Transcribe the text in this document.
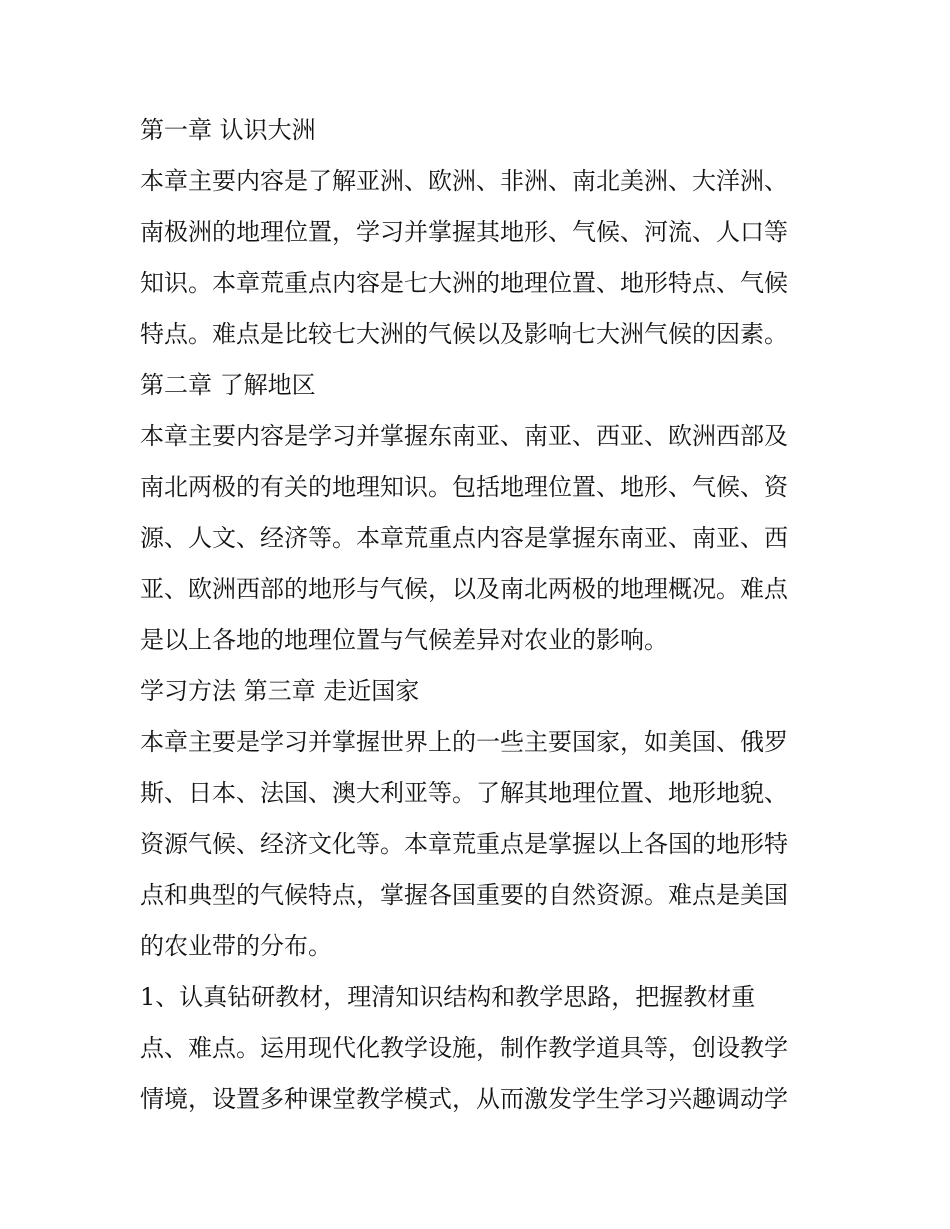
第一章 认识大洲
本章主要内容是了解亚洲、欧洲、非洲、南北美洲、大洋洲、
南极洲的地理位置，学习并掌握其地形、气候、河流、人口等
知识。本章荒重点内容是七大洲的地理位置、地形特点、气候
特点。难点是比较七大洲的气候以及影响七大洲气候的因素。
第二章 了解地区
本章主要内容是学习并掌握东南亚、南亚、西亚、欧洲西部及
南北两极的有关的地理知识。包括地理位置、地形、气候、资
源、人文、经济等。本章荒重点内容是掌握东南亚、南亚、西
亚、欧洲西部的地形与气候，以及南北两极的地理概况。难点
是以上各地的地理位置与气候差异对农业的影响。
学习方法 第三章 走近国家
本章主要是学习并掌握世界上的一些主要国家，如美国、俄罗
斯、日本、法国、澳大利亚等。了解其地理位置、地形地貌、
资源气候、经济文化等。本章荒重点是掌握以上各国的地形特
点和典型的气候特点，掌握各国重要的自然资源。难点是美国
的农业带的分布。
1、认真钻研教材，理清知识结构和教学思路，把握教材重
点、难点。运用现代化教学设施，制作教学道具等，创设教学
情境，设置多种课堂教学模式，从而激发学生学习兴趣调动学
